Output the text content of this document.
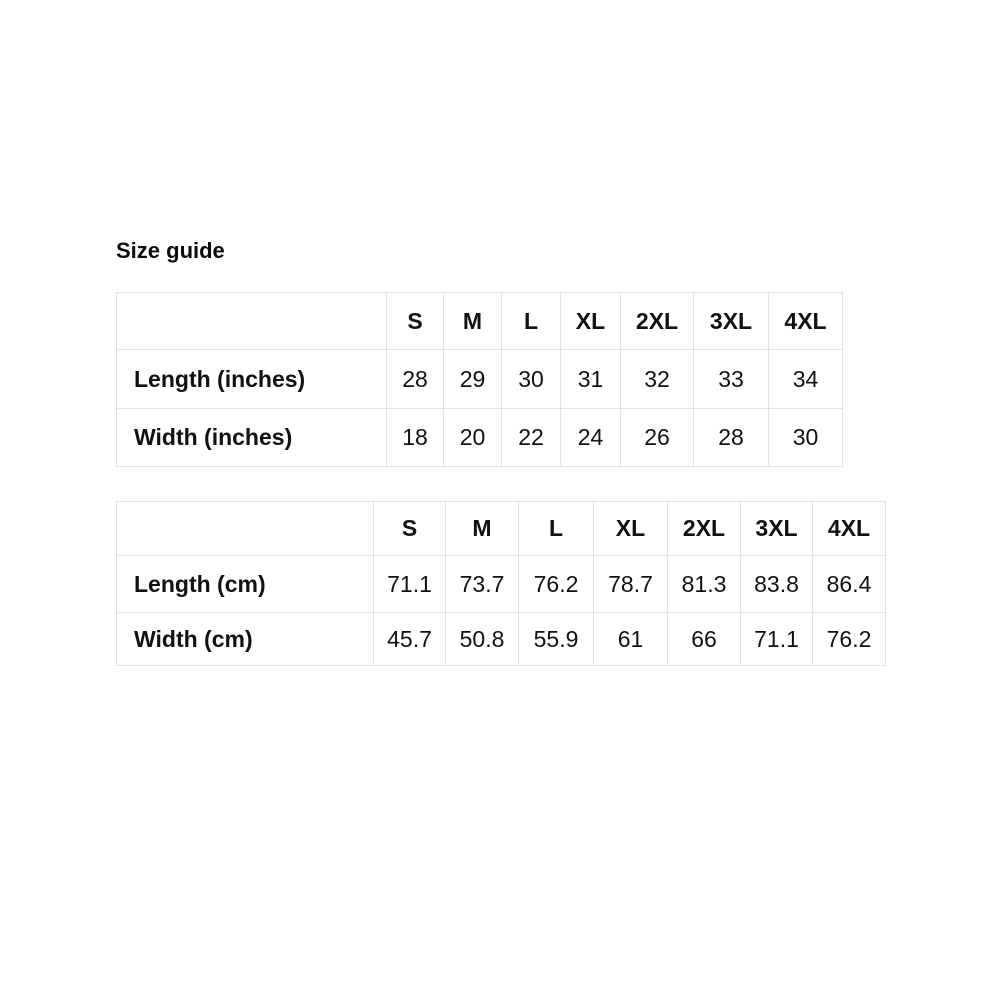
Size guide
	S	M	L	XL	2XL	3XL	4XL
Length (inches)	28	29	30	31	32	33	34
Width (inches)	18	20	22	24	26	28	30
	S	M	L	XL	2XL	3XL	4XL
Length (cm)	71.1	73.7	76.2	78.7	81.3	83.8	86.4
Width (cm)	45.7	50.8	55.9	61	66	71.1	76.2
